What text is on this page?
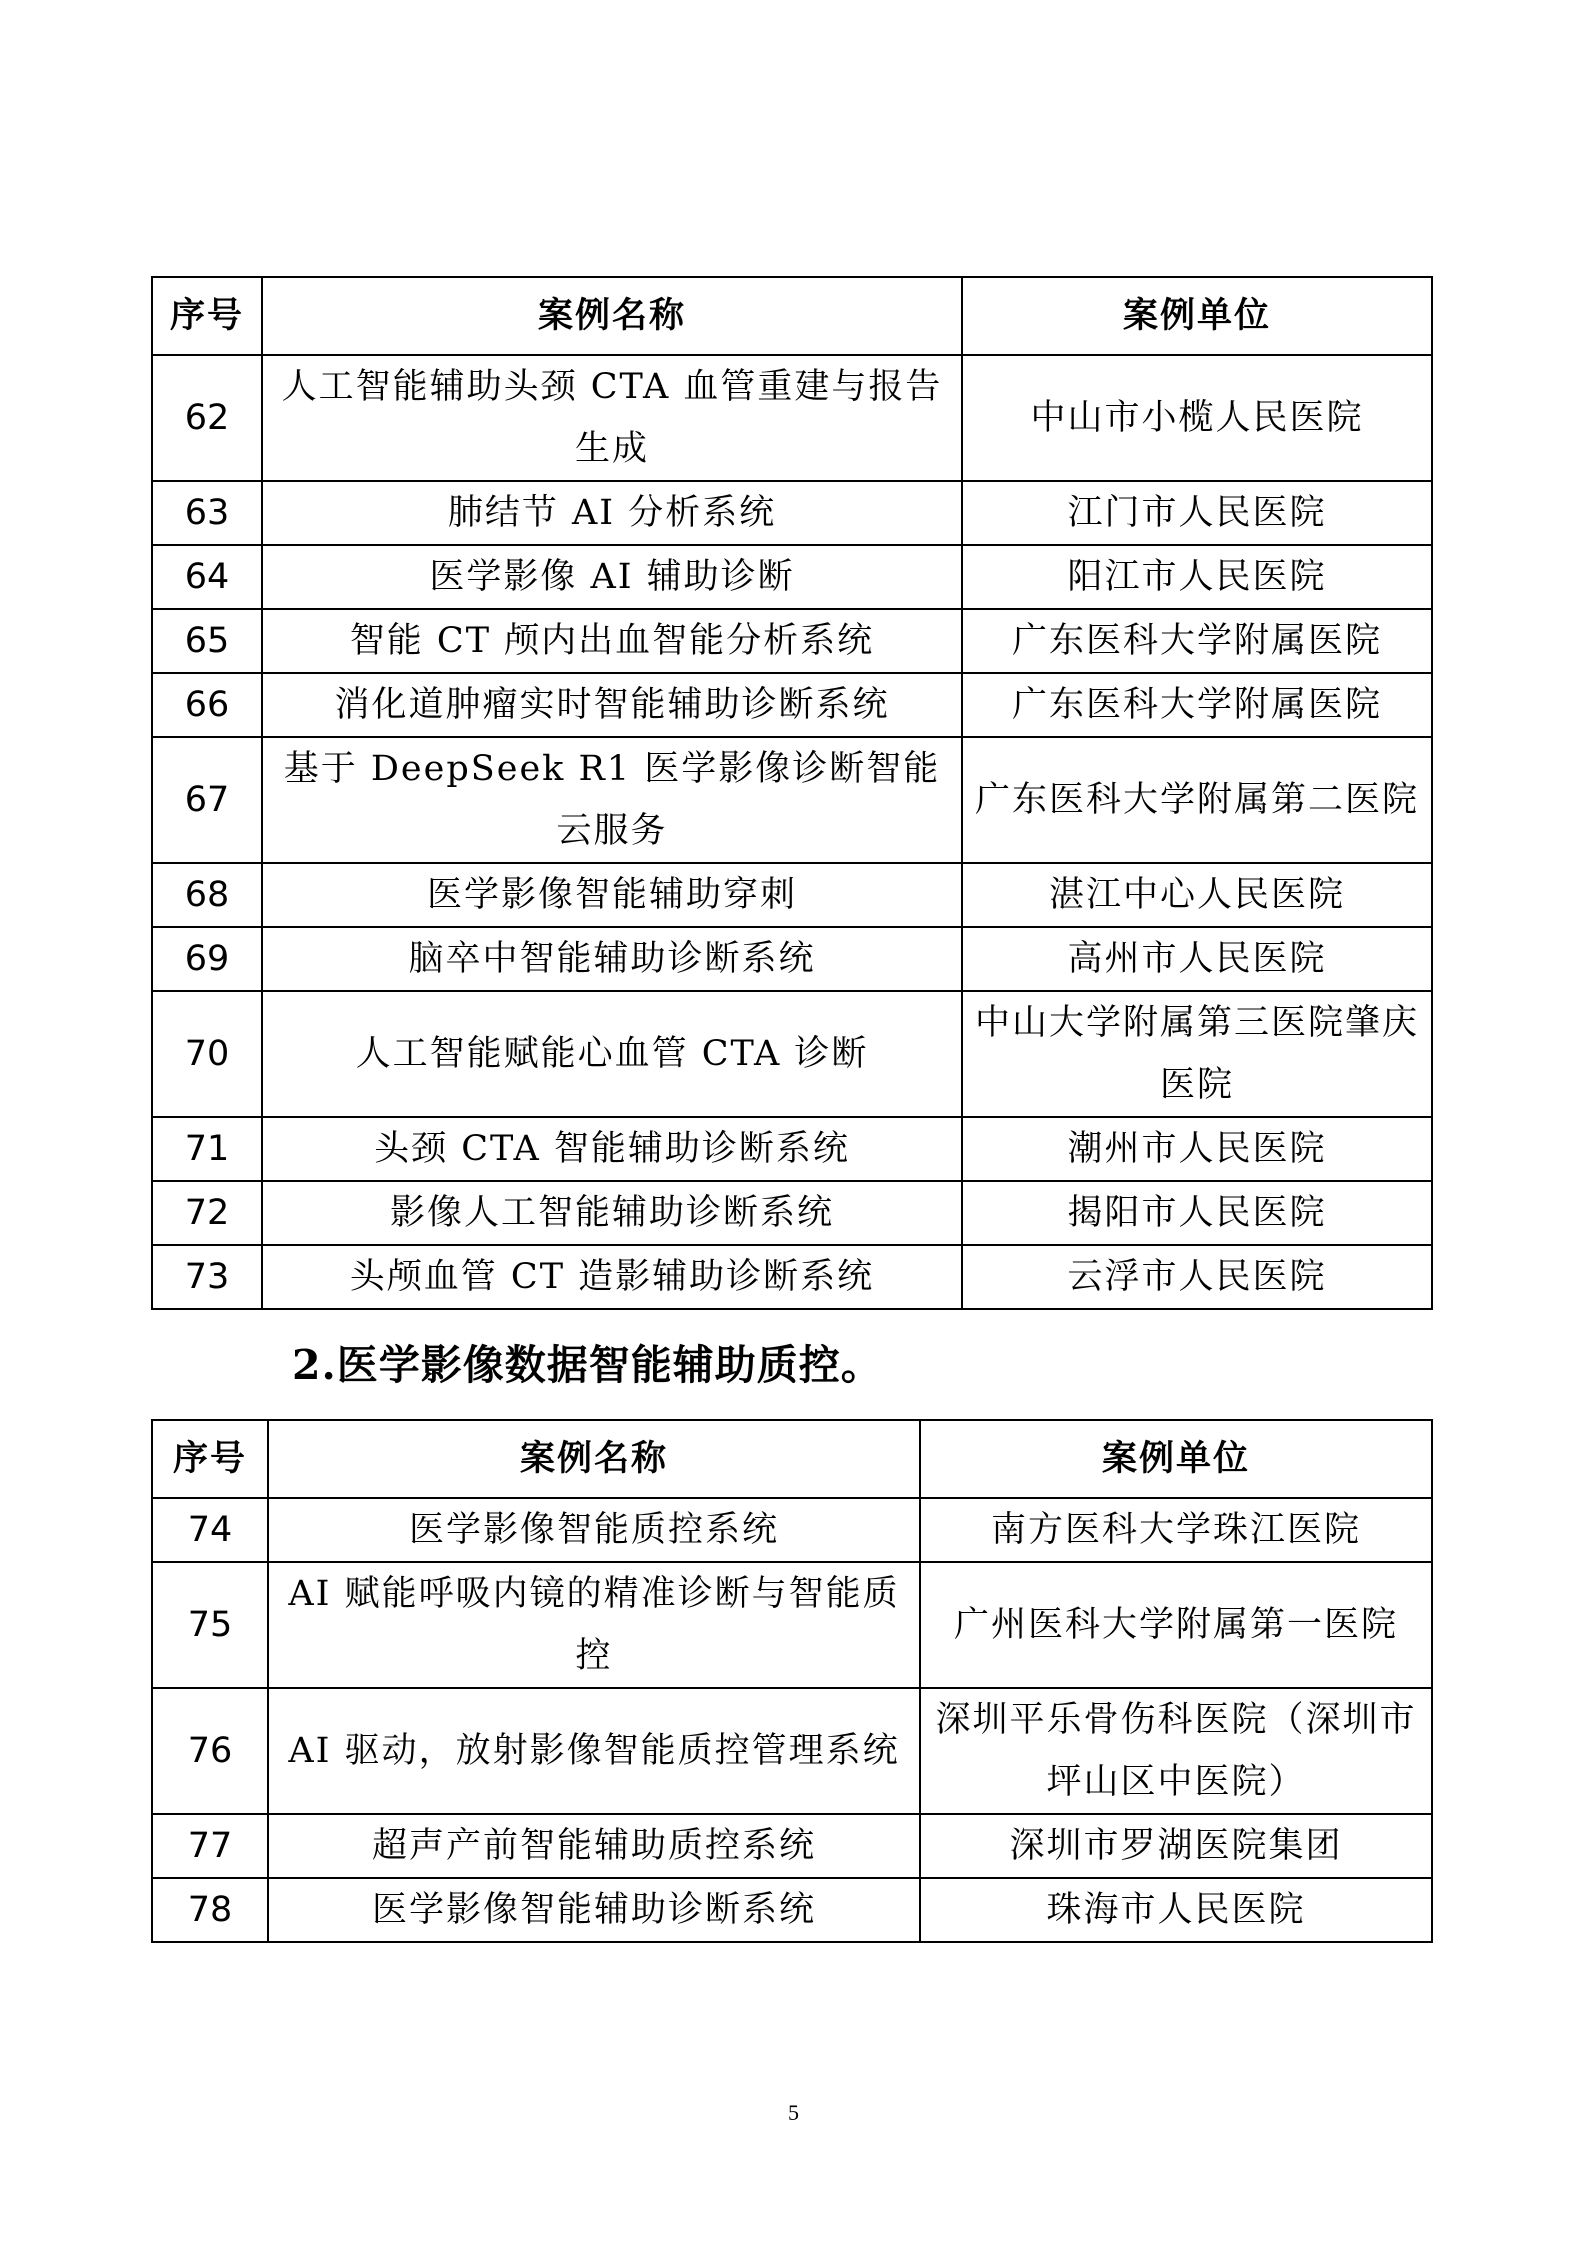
序号	案例名称	案例单位
62	人工智能辅助头颈 CTA 血管重建与报告生成	中山市小榄人民医院
63	肺结节 AI 分析系统	江门市人民医院
64	医学影像 AI 辅助诊断	阳江市人民医院
65	智能 CT 颅内出血智能分析系统	广东医科大学附属医院
66	消化道肿瘤实时智能辅助诊断系统	广东医科大学附属医院
67	基于 DeepSeek R1 医学影像诊断智能云服务	广东医科大学附属第二医院
68	医学影像智能辅助穿刺	湛江中心人民医院
69	脑卒中智能辅助诊断系统	高州市人民医院
70	人工智能赋能心血管 CTA 诊断	中山大学附属第三医院肇庆医院
71	头颈 CTA 智能辅助诊断系统	潮州市人民医院
72	影像人工智能辅助诊断系统	揭阳市人民医院
73	头颅血管 CT 造影辅助诊断系统	云浮市人民医院
2.医学影像数据智能辅助质控。
序号	案例名称	案例单位
74	医学影像智能质控系统	南方医科大学珠江医院
75	AI 赋能呼吸内镜的精准诊断与智能质控	广州医科大学附属第一医院
76	AI 驱动，放射影像智能质控管理系统	深圳平乐骨伤科医院（深圳市坪山区中医院）
77	超声产前智能辅助质控系统	深圳市罗湖医院集团
78	医学影像智能辅助诊断系统	珠海市人民医院
5
